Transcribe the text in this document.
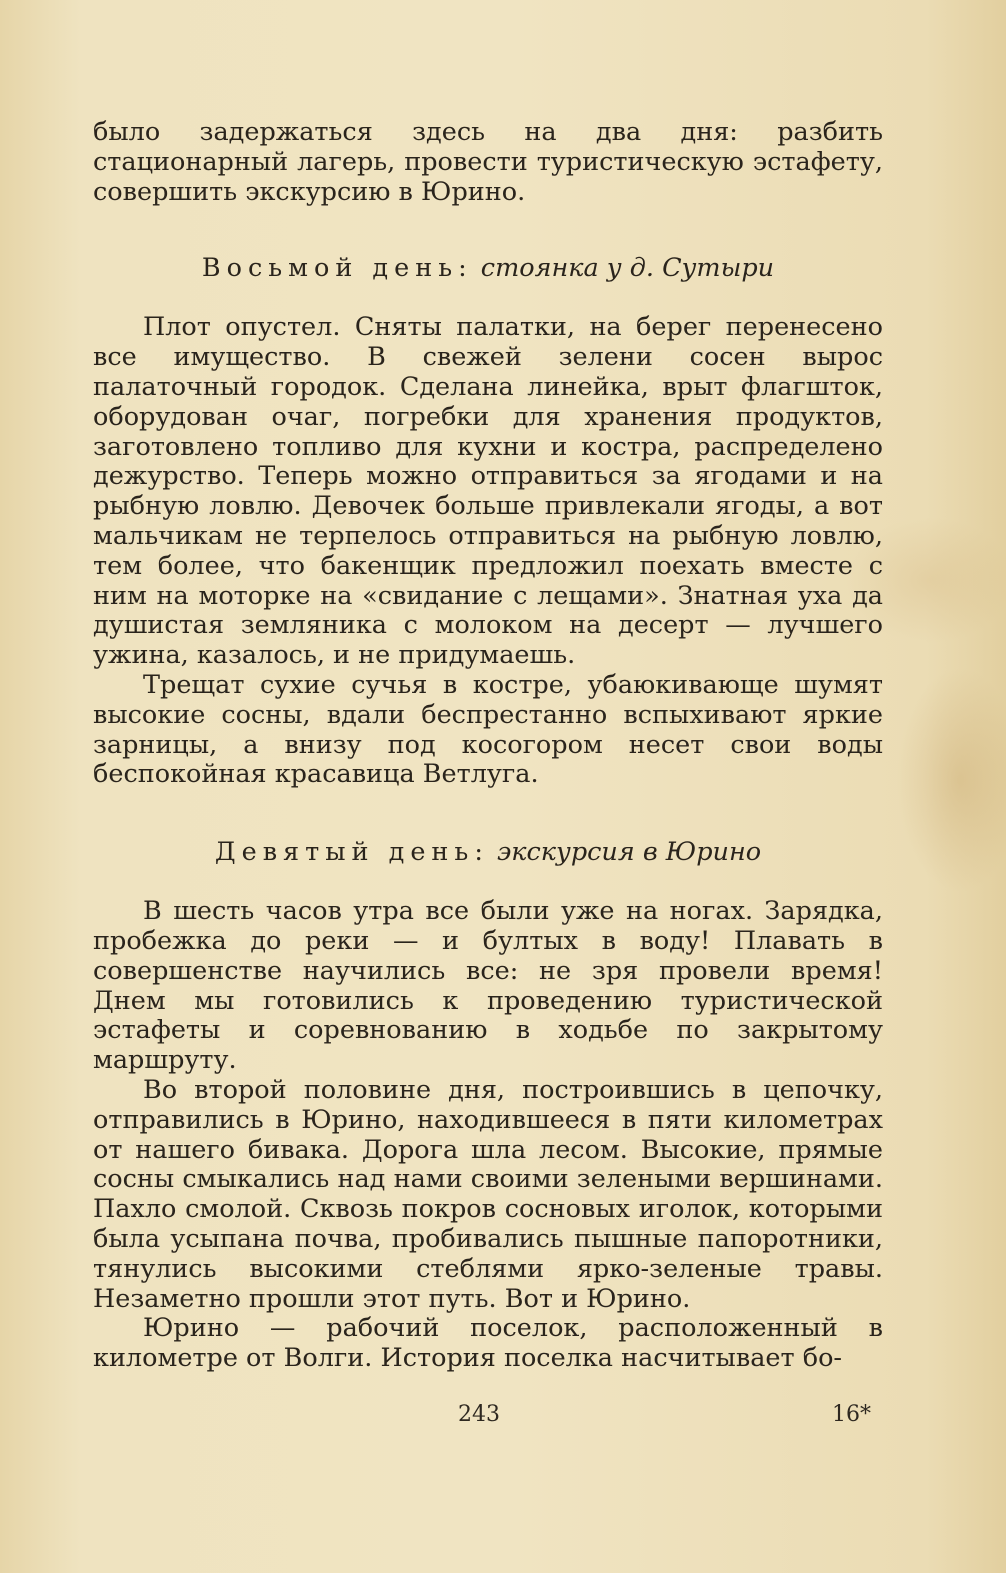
было задержаться здесь на два дня: разбить стационарный лагерь, провести туристическую эстафету, совершить экскурсию в Юрино.

Восьмой день: стоянка у д. Сутыри

Плот опустел. Сняты палатки, на берег перенесено все имущество. В свежей зелени сосен вырос палаточный городок. Сделана линейка, врыт флагшток, оборудован очаг, погребки для хранения продуктов, заготовлено топливо для кухни и костра, распределено дежурство. Теперь можно отправиться за ягодами и на рыбную ловлю. Девочек больше привлекали ягоды, а вот мальчикам не терпелось отправиться на рыбную ловлю, тем более, что бакенщик предложил поехать вместе с ним на моторке на «свидание с лещами». Знатная уха да душистая земляника с молоком на десерт — лучшего ужина, казалось, и не придумаешь.

Трещат сухие сучья в костре, убаюкивающе шумят высокие сосны, вдали беспрестанно вспыхивают яркие зарницы, а внизу под косогором несет свои воды беспокойная красавица Ветлуга.

Девятый день: экскурсия в Юрино

В шесть часов утра все были уже на ногах. Зарядка, пробежка до реки — и бултых в воду! Плавать в совершенстве научились все: не зря провели время! Днем мы готовились к проведению туристической эстафеты и соревнованию в ходьбе по закрытому маршруту.

Во второй половине дня, построившись в цепочку, отправились в Юрино, находившееся в пяти километрах от нашего бивака. Дорога шла лесом. Высокие, прямые сосны смыкались над нами своими зелеными вершинами. Пахло смолой. Сквозь покров сосновых иголок, которыми была усыпана почва, пробивались пышные папоротники, тянулись высокими стеблями ярко-зеленые травы. Незаметно прошли этот путь. Вот и Юрино.

Юрино — рабочий поселок, расположенный в километре от Волги. История поселка насчитывает бо-

243	16*
